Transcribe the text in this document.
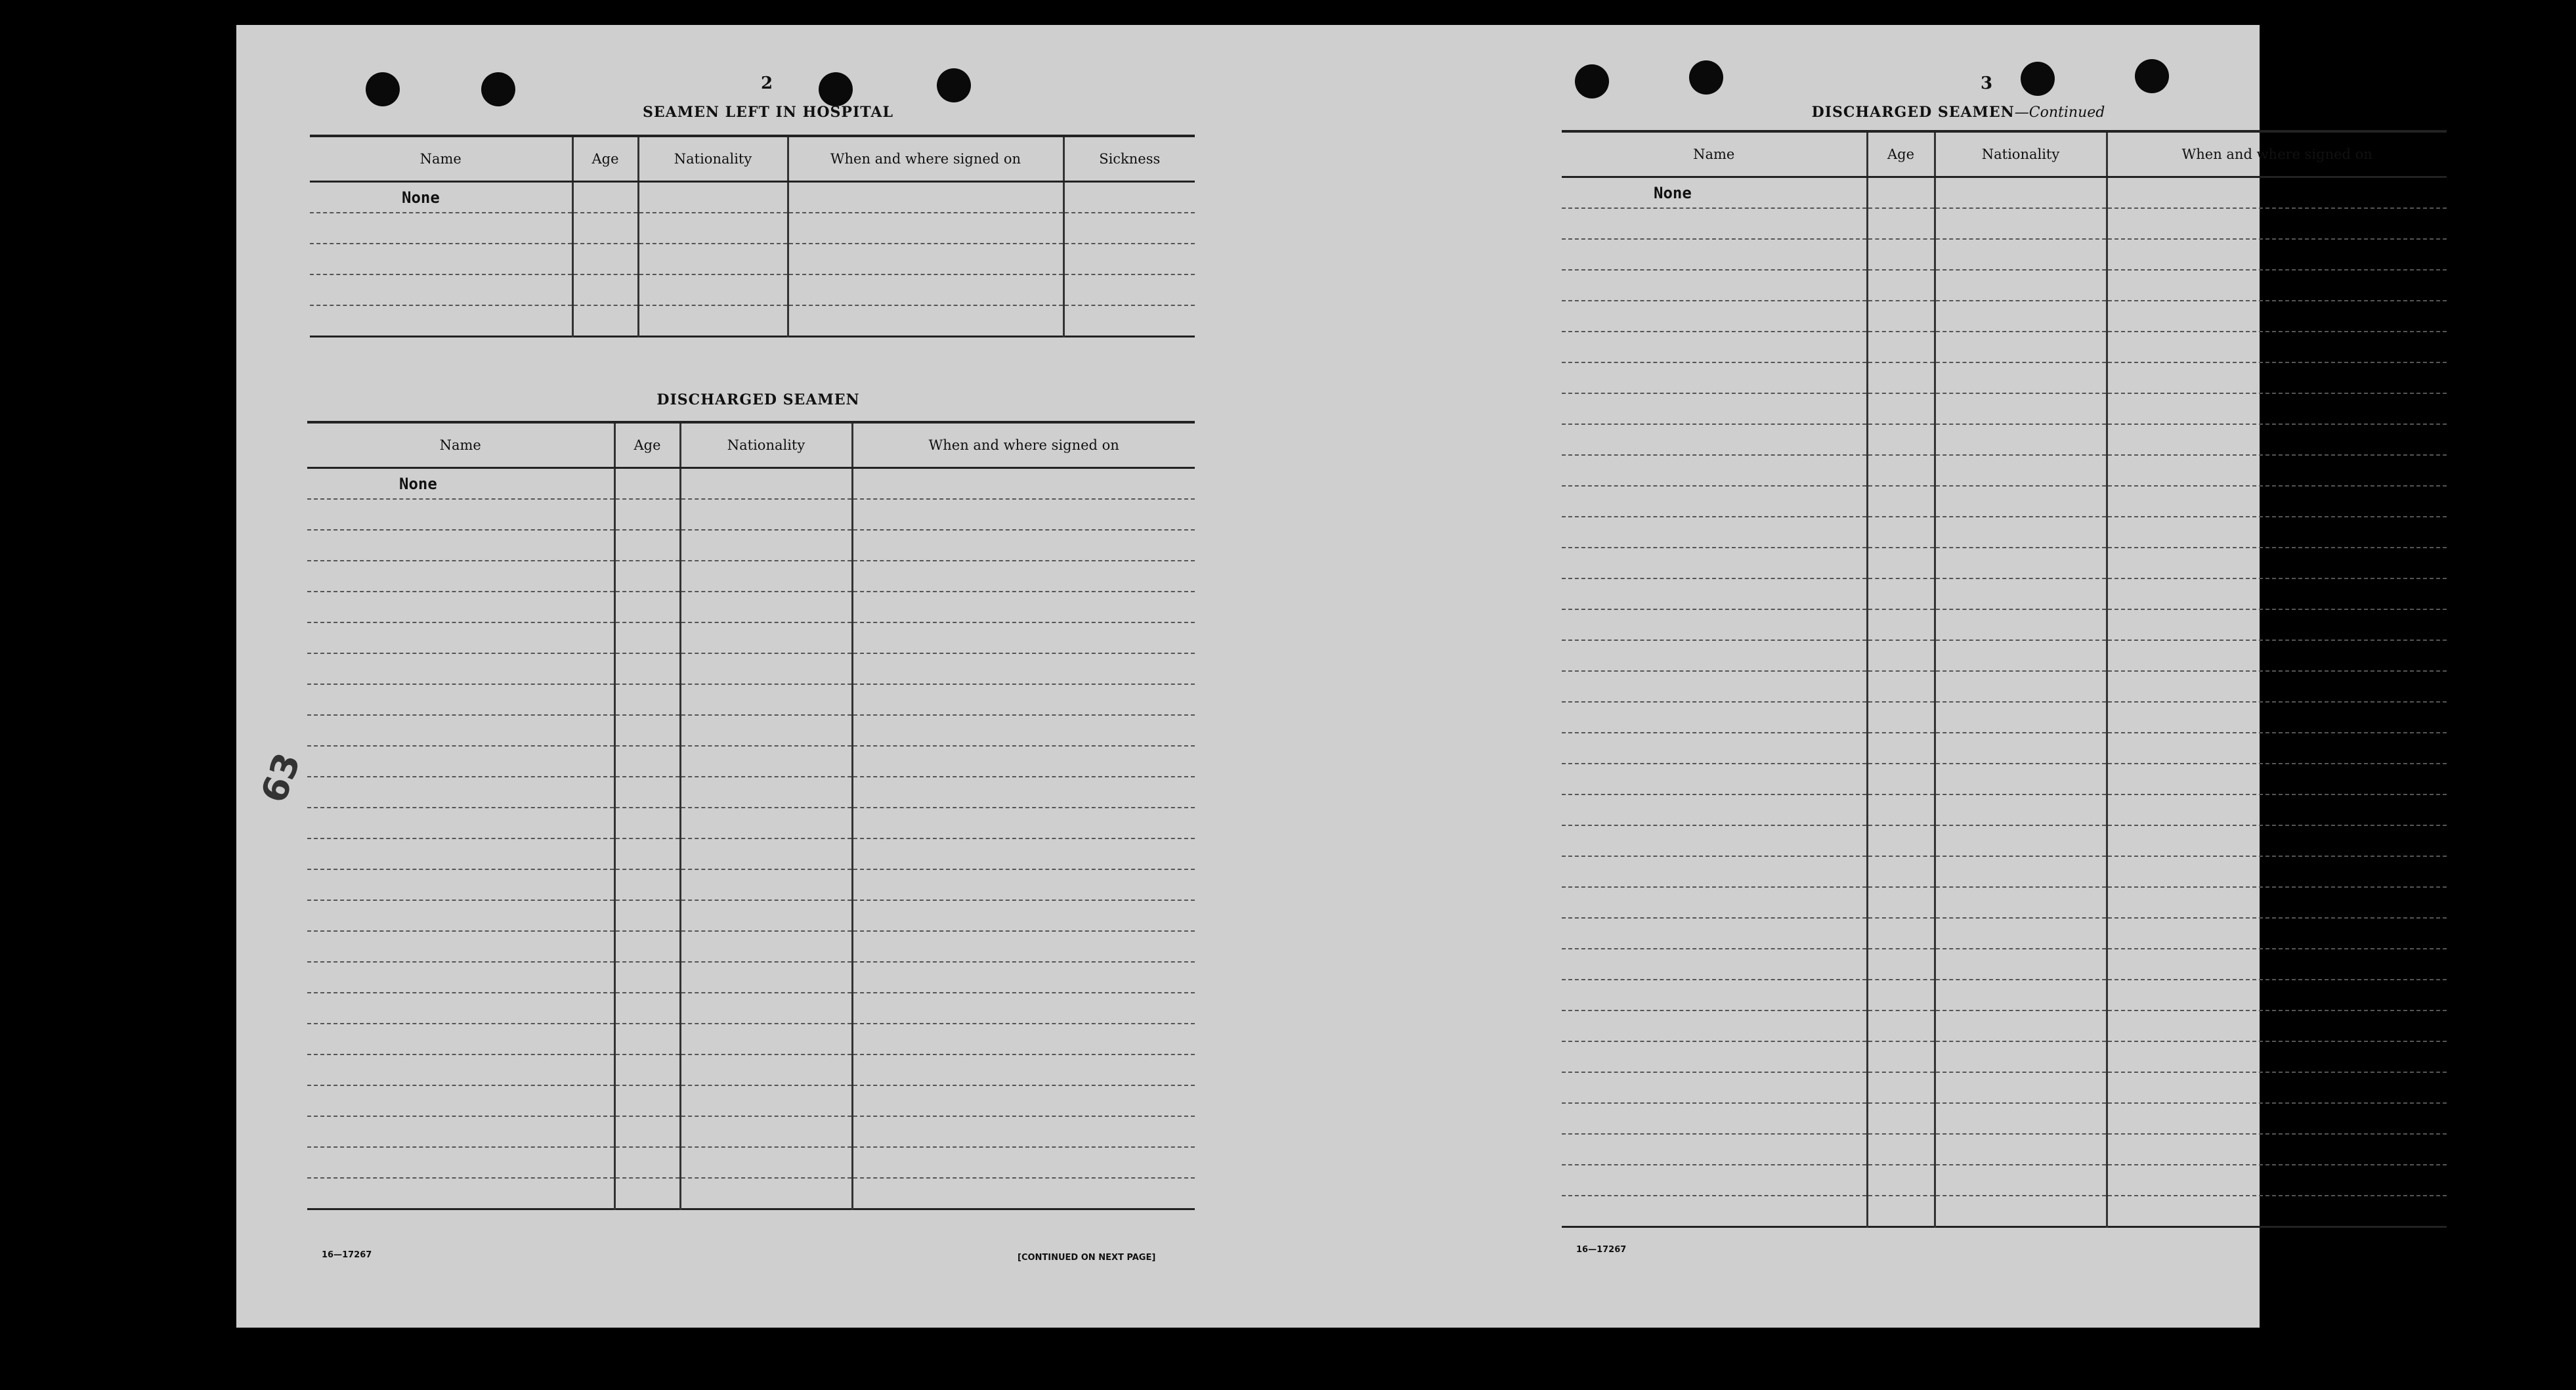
2
SEAMEN LEFT IN HOSPITAL
Name	Age	Nationality	When and where signed on	Sickness
None				

DISCHARGED SEAMEN
Name	Age	Nationality	When and where signed on
None			

63
16—17267	[CONTINUED ON NEXT PAGE]
3
DISCHARGED SEAMEN—Continued
Name	Age	Nationality	When and where signed on
None			

16—17267
